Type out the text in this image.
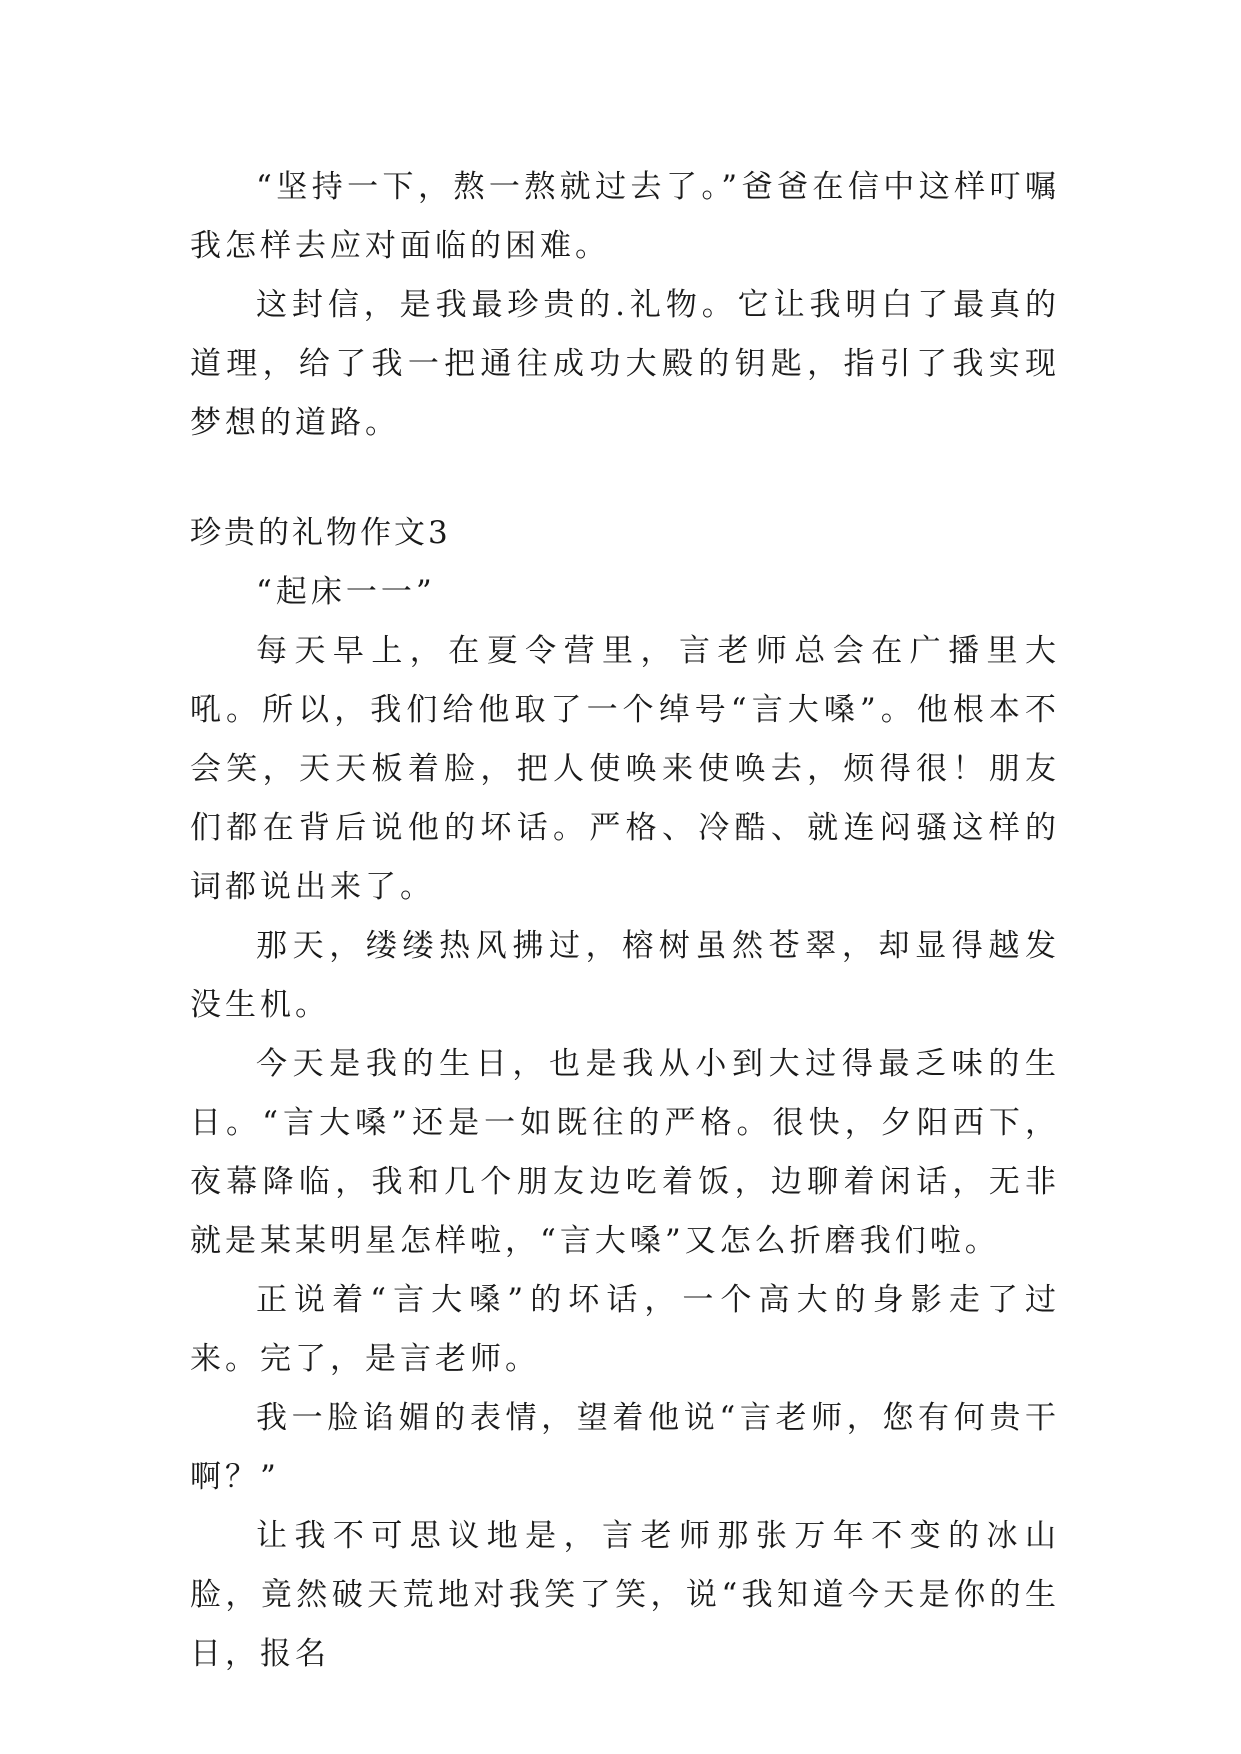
“坚持一下，熬一熬就过去了。”爸爸在信中这样叮嘱我怎样去应对面临的困难。

这封信，是我最珍贵的.礼物。它让我明白了最真的道理，给了我一把通往成功大殿的钥匙，指引了我实现梦想的道路。

珍贵的礼物作文3

“起床一一”

每天早上，在夏令营里，言老师总会在广播里大吼。所以，我们给他取了一个绰号“言大嗓”。他根本不会笑，天天板着脸，把人使唤来使唤去，烦得很！朋友们都在背后说他的坏话。严格、冷酷、就连闷骚这样的词都说出来了。

那天，缕缕热风拂过，榕树虽然苍翠，却显得越发没生机。

今天是我的生日，也是我从小到大过得最乏味的生日。“言大嗓”还是一如既往的严格。很快，夕阳西下，夜幕降临，我和几个朋友边吃着饭，边聊着闲话，无非就是某某明星怎样啦，“言大嗓”又怎么折磨我们啦。

正说着“言大嗓”的坏话，一个高大的身影走了过来。完了，是言老师。

我一脸谄媚的表情，望着他说“言老师，您有何贵干啊？”

让我不可思议地是，言老师那张万年不变的冰山脸，竟然破天荒地对我笑了笑，说“我知道今天是你的生日，报名
